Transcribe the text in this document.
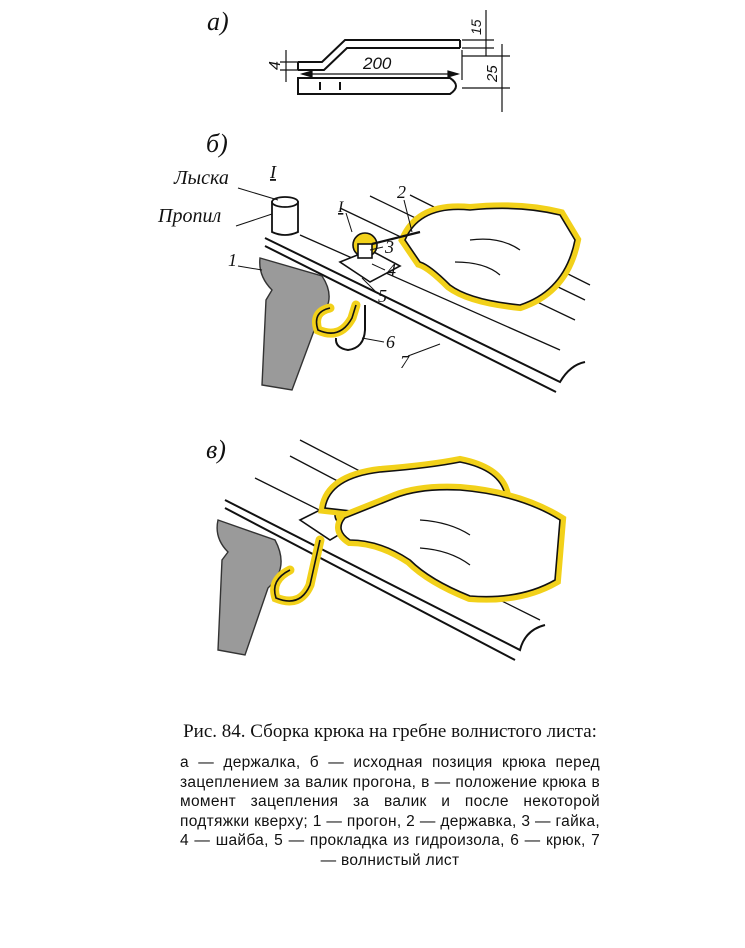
а)
200
4
15
25
б)
I
Лыска
Пропил
1
2
3
4
5
6
7
I
в)

Рис. 84. Сборка крюка на гребне волнистого листа:

а — держалка, б — исходная позиция крюка перед зацеплением за валик прогона, в — положение крюка в момент зацепления за валик и после некоторой подтяжки кверху; 1 — прогон, 2 — державка, 3 — гайка, 4 — шайба, 5 — прокладка из гидроизола, 6 — крюк, 7 — волнистый лист
